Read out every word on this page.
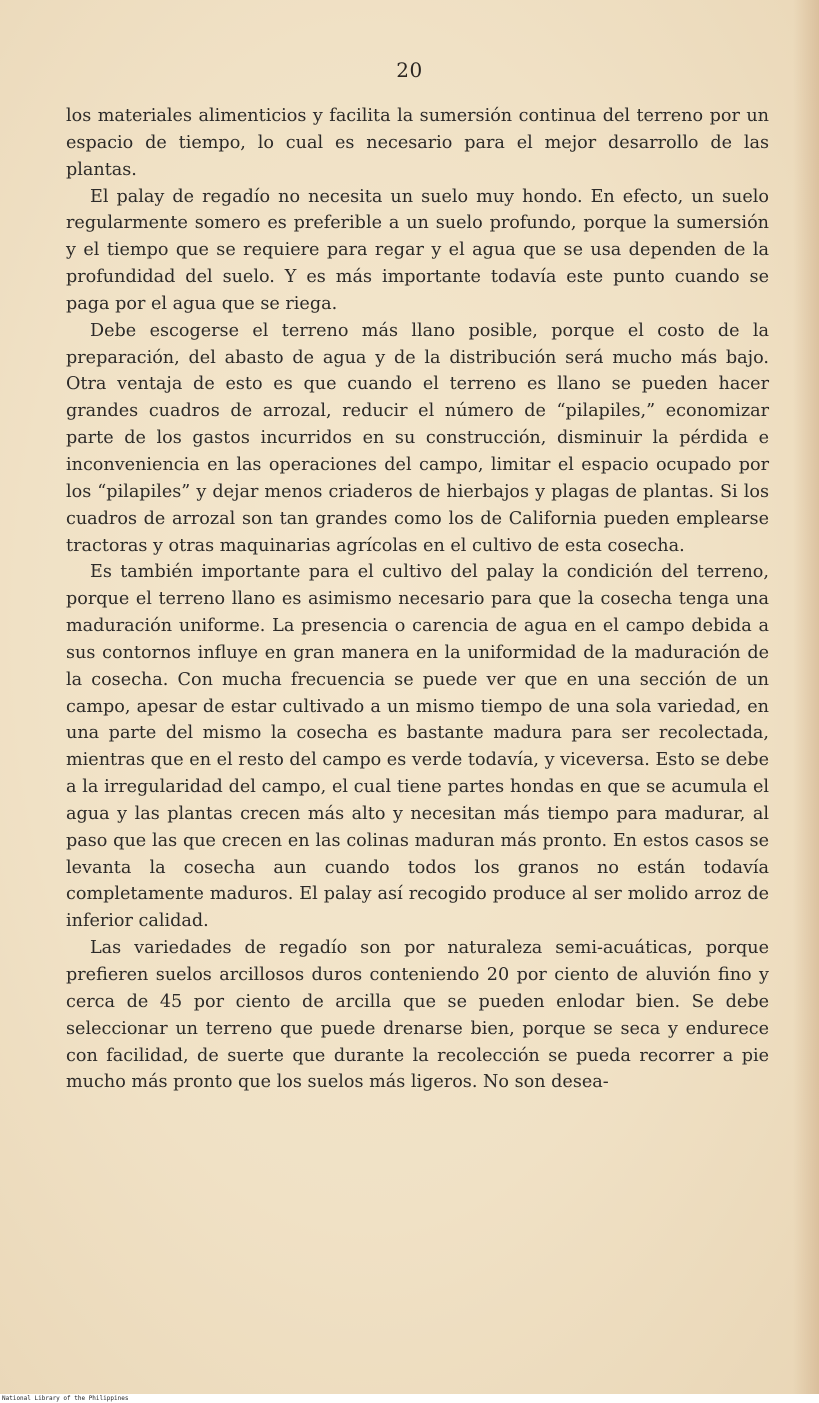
20

los materiales alimenticios y facilita la sumersión continua del terreno por un espacio de tiempo, lo cual es necesario para el mejor desarrollo de las plantas.

El palay de regadío no necesita un suelo muy hondo. En efecto, un suelo regularmente somero es preferible a un suelo profundo, porque la sumersión y el tiempo que se requiere para regar y el agua que se usa dependen de la profundidad del suelo. Y es más importante todavía este punto cuando se paga por el agua que se riega.

Debe escogerse el terreno más llano posible, porque el costo de la preparación, del abasto de agua y de la distribución será mucho más bajo. Otra ventaja de esto es que cuando el terreno es llano se pueden hacer grandes cuadros de arrozal, reducir el número de “pilapiles,” economizar parte de los gastos incurridos en su construcción, disminuir la pérdida e inconveniencia en las operaciones del campo, limitar el espacio ocupado por los “pilapiles” y dejar menos criaderos de hierbajos y plagas de plantas. Si los cuadros de arrozal son tan grandes como los de California pueden emplearse tractoras y otras maquinarias agrícolas en el cultivo de esta cosecha.

Es también importante para el cultivo del palay la condición del terreno, porque el terreno llano es asimismo necesario para que la cosecha tenga una maduración uniforme. La presencia o carencia de agua en el campo debida a sus contornos influye en gran manera en la uniformidad de la maduración de la cosecha. Con mucha frecuencia se puede ver que en una sección de un campo, apesar de estar cultivado a un mismo tiempo de una sola variedad, en una parte del mismo la cosecha es bastante madura para ser recolectada, mientras que en el resto del campo es verde todavía, y viceversa. Esto se debe a la irregularidad del campo, el cual tiene partes hondas en que se acumula el agua y las plantas crecen más alto y necesitan más tiempo para madurar, al paso que las que crecen en las colinas maduran más pronto. En estos casos se levanta la cosecha aun cuando todos los granos no están todavía completamente maduros. El palay así recogido produce al ser molido arroz de inferior calidad.

Las variedades de regadío son por naturaleza semi-acuáticas, porque prefieren suelos arcillosos duros conteniendo 20 por ciento de aluvión fino y cerca de 45 por ciento de arcilla que se pueden enlodar bien. Se debe seleccionar un terreno que puede drenarse bien, porque se seca y endurece con facilidad, de suerte que durante la recolección se pueda recorrer a pie mucho más pronto que los suelos más ligeros. No son desea-

National Library of the Philippines
